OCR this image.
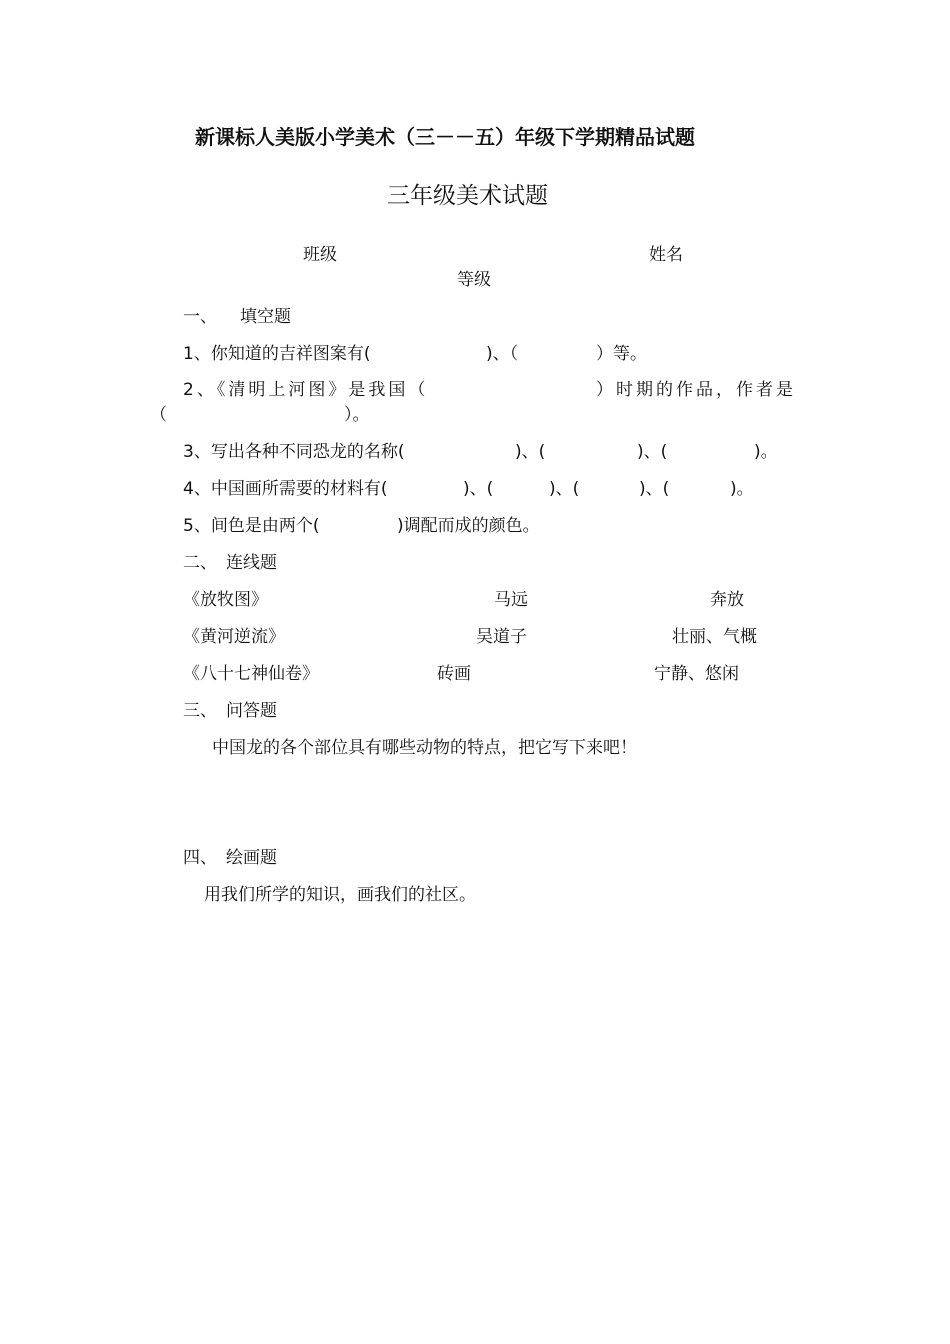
新课标人美版小学美术（三－－五）年级下学期精品试题
三年级美术试题
班级	姓名
等级
一、 填空题
1、你知道的吉祥图案有(	)、（	）等。
2、《清明上河图》是我国（	）时期的作品，作者是
（	）。
3、写出各种不同恐龙的名称(	)、(	)、(	)。
4、中国画所需要的材料有(	)、(	)、(	)、(	)。
5、间色是由两个(	)调配而成的颜色。
二、 连线题
《放牧图》	马远	奔放
《黄河逆流》	吴道子	壮丽、气概
《八十七神仙卷》	砖画	宁静、悠闲
三、 问答题
中国龙的各个部位具有哪些动物的特点，把它写下来吧！
四、 绘画题
用我们所学的知识，画我们的社区。
